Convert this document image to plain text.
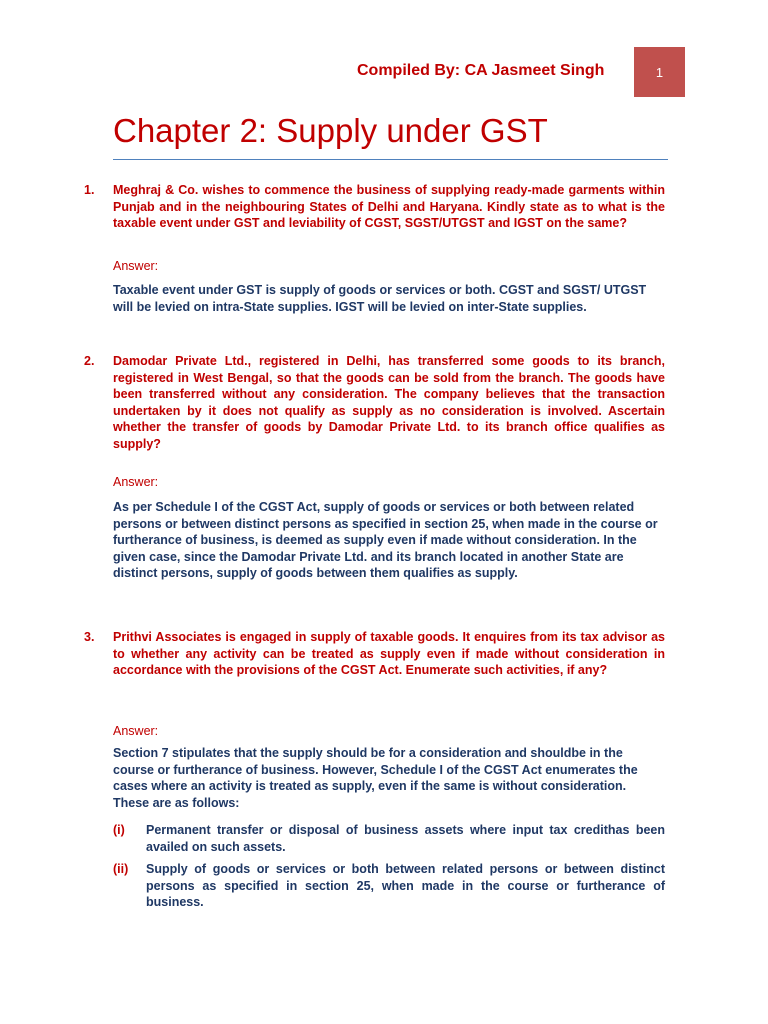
Compiled By: CA Jasmeet Singh	1
Chapter 2: Supply under GST
1. Meghraj & Co. wishes to commence the business of supplying ready-made garments within Punjab and in the neighbouring States of Delhi and Haryana. Kindly state as to what is the taxable event under GST and leviability of CGST, SGST/UTGST and IGST on the same?
Answer:
Taxable event under GST is supply of goods or services or both. CGST and SGST/ UTGST will be levied on intra-State supplies. IGST will be levied on inter-State supplies.
2. Damodar Private Ltd., registered in Delhi, has transferred some goods to its branch, registered in West Bengal, so that the goods can be sold from the branch. The goods have been transferred without any consideration. The company believes that the transaction undertaken by it does not qualify as supply as no consideration is involved. Ascertain whether the transfer of goods by Damodar Private Ltd. to its branch office qualifies as supply?
Answer:
As per Schedule I of the CGST Act, supply of goods or services or both between related persons or between distinct persons as specified in section 25, when made in the course or furtherance of business, is deemed as supply even if made without consideration. In the given case, since the Damodar Private Ltd. and its branch located in another State are distinct persons, supply of goods between them qualifies as supply.
3. Prithvi Associates is engaged in supply of taxable goods. It enquires from its tax advisor as to whether any activity can be treated as supply even if made without consideration in accordance with the provisions of the CGST Act. Enumerate such activities, if any?
Answer:
Section 7 stipulates that the supply should be for a consideration and shouldbe in the course or furtherance of business. However, Schedule I of the CGST Act enumerates the cases where an activity is treated as supply, even if the same is without consideration. These are as follows:
(i) Permanent transfer or disposal of business assets where input tax credithas been availed on such assets.
(ii) Supply of goods or services or both between related persons or between distinct persons as specified in section 25, when made in the course or furtherance of business.
